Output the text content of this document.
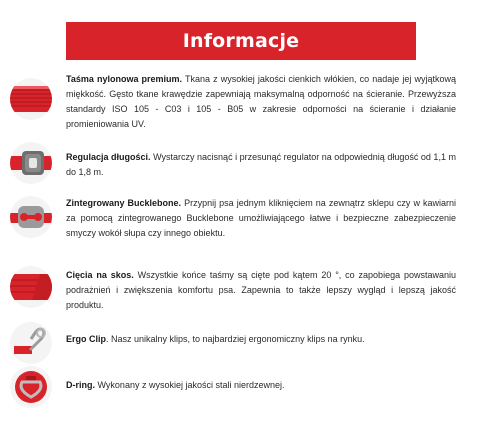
Informacje
Taśma nylonowa premium. Tkana z wysokiej jakości cienkich włókien, co nadaje jej wyjątkową miękkość. Gęsto tkane krawędzie zapewniają maksymalną odporność na ścieranie. Przewyższa standardy ISO 105 - C03 i 105 - B05 w zakresie odporności na ścieranie i działanie promieniowania UV.
Regulacja długości. Wystarczy nacisnąć i przesunąć regulator na odpowiednią długość od 1,1 m do 1,8 m.
Zintegrowany Bucklebone. Przypnij psa jednym kliknięciem na zewnątrz sklepu czy w kawiarni za pomocą zintegrowanego Bucklebone umożliwiającego łatwe i bezpieczne zabezpieczenie smyczy wokół słupa czy innego obiektu.
Cięcia na skos. Wszystkie końce taśmy są cięte pod kątem 20 °, co zapobiega powstawaniu podrażnień i zwiększenia komfortu psa. Zapewnia to także lepszy wygląd i lepszą jakość produktu.
Ergo Clip. Nasz unikalny klips, to najbardziej ergonomiczny klips na rynku.
D-ring. Wykonany z wysokiej jakości stali nierdzewnej.
